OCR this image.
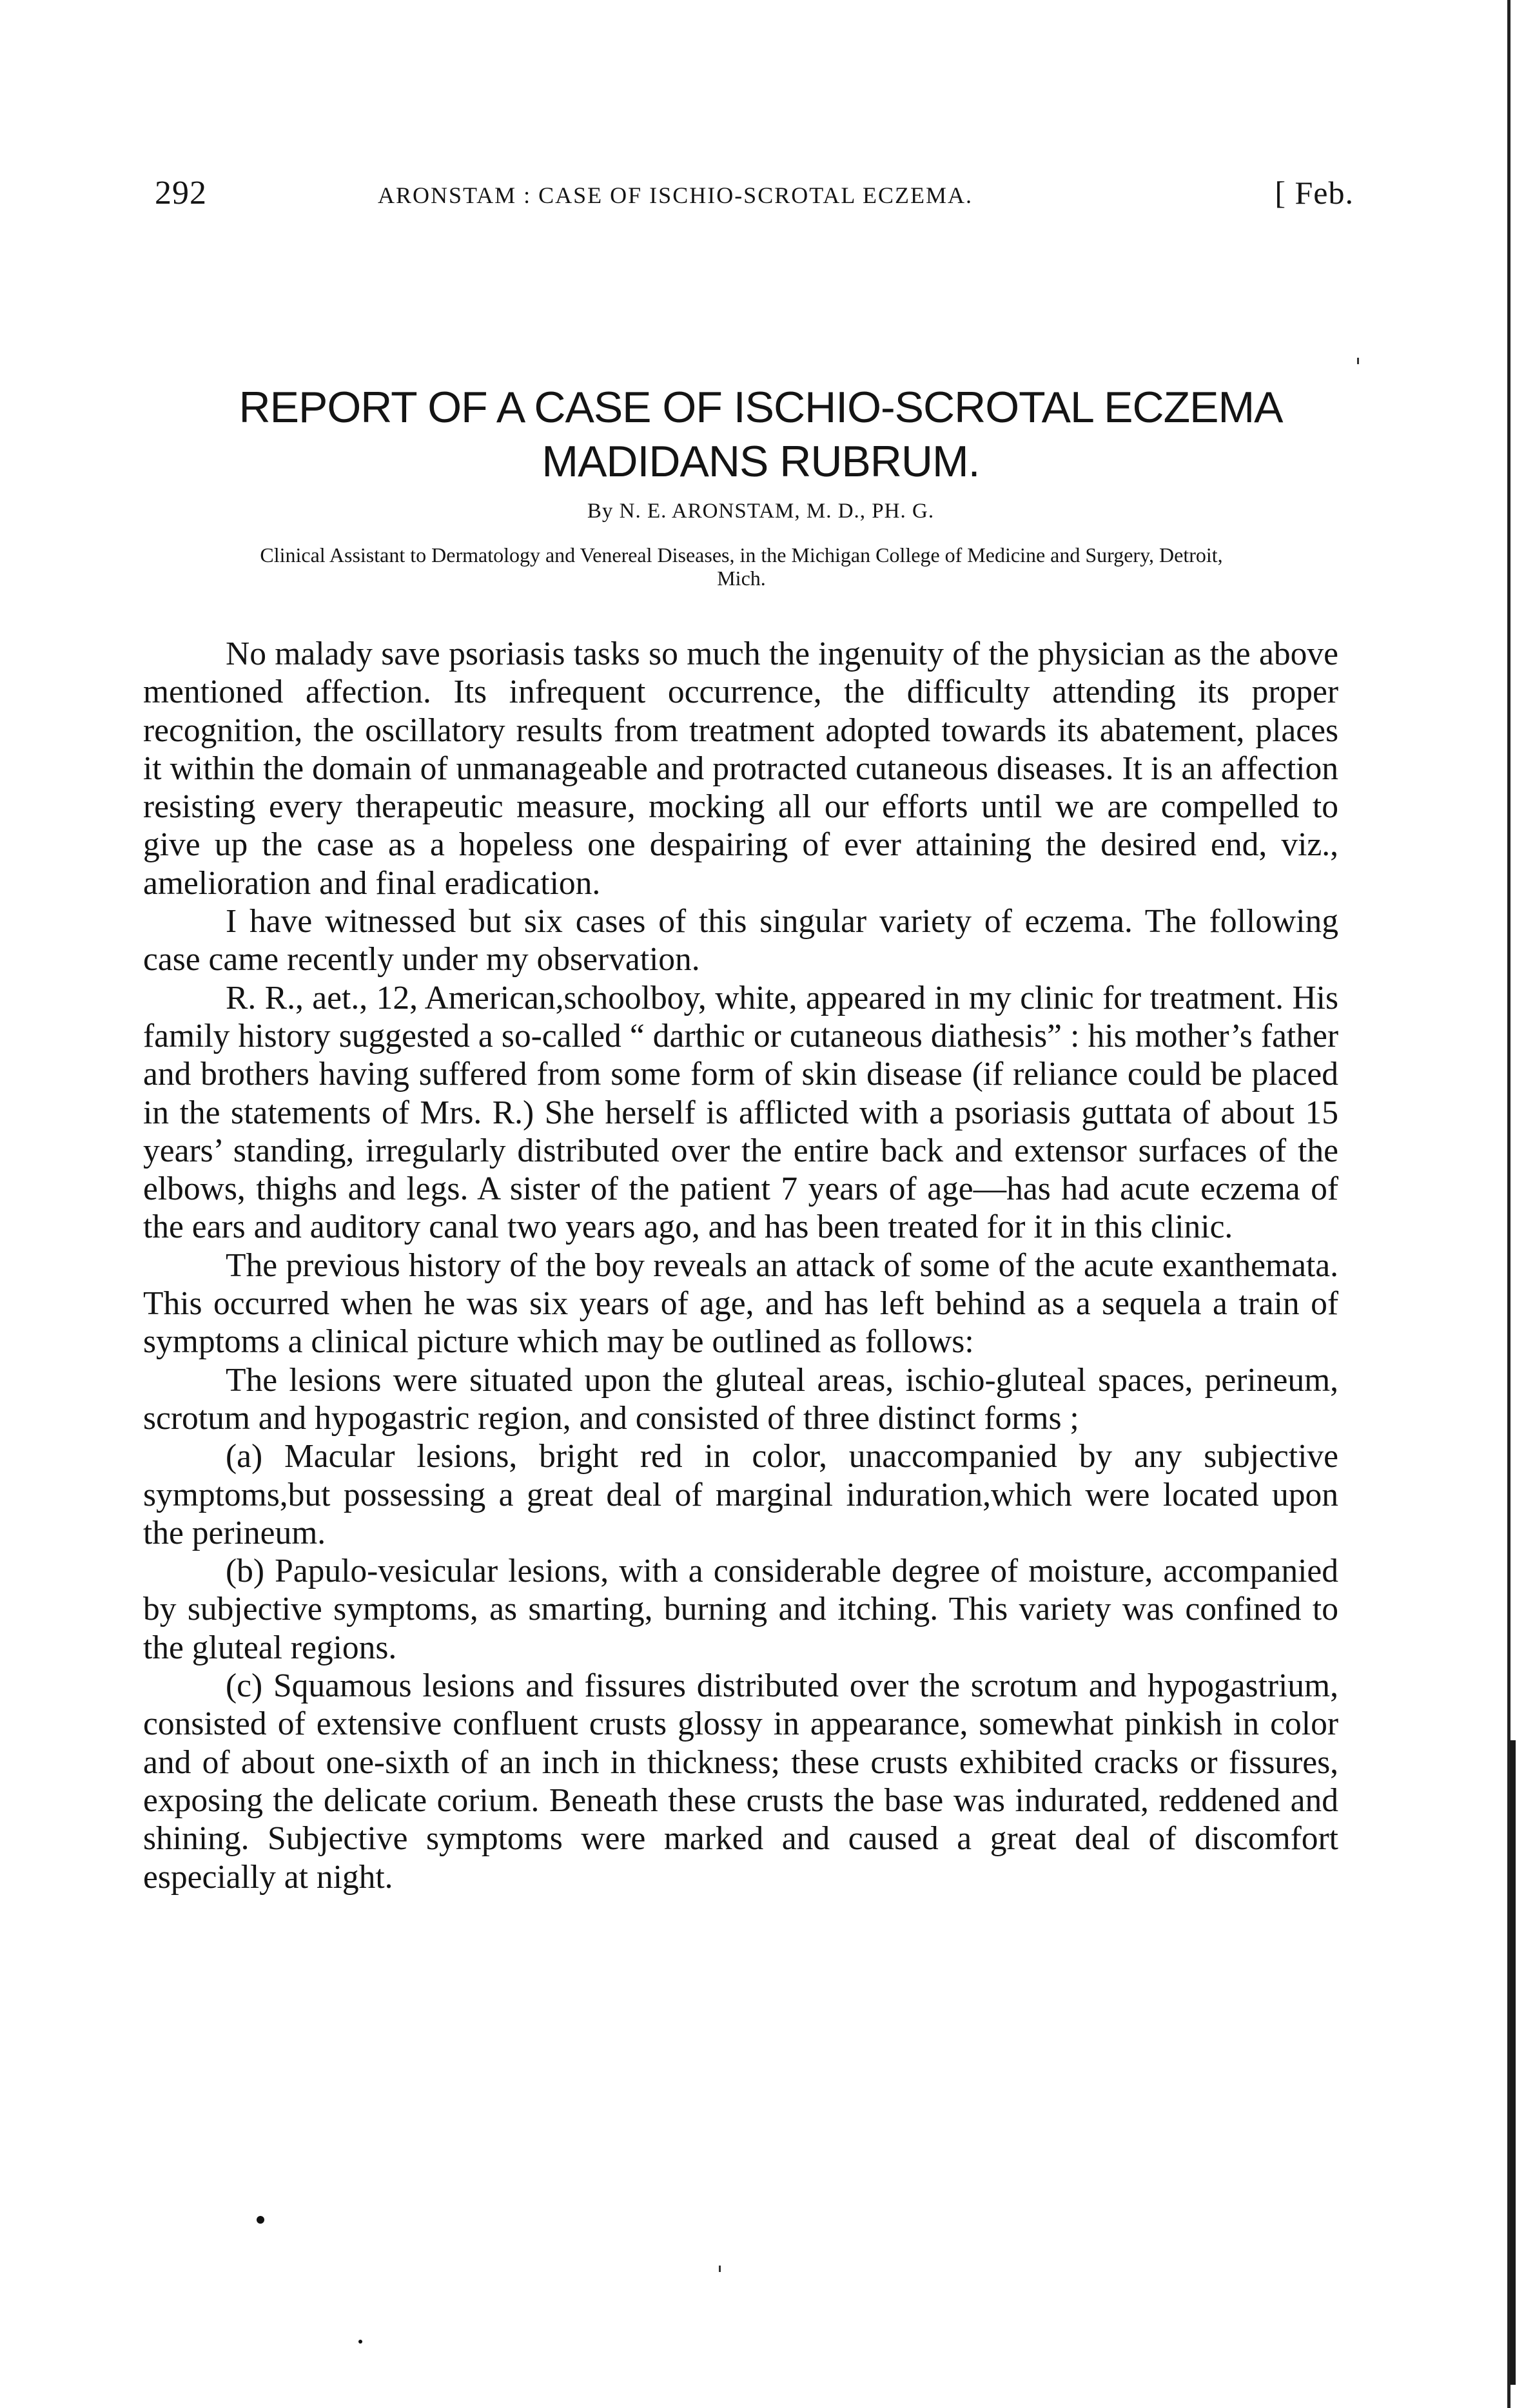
292	ARONSTAM : CASE OF ISCHIO-SCROTAL ECZEMA.	[ Feb.
REPORT OF A CASE OF ISCHIO-SCROTAL ECZEMA MADIDANS RUBRUM.
By N. E. ARONSTAM, M. D., PH. G.
Clinical Assistant to Dermatology and Venereal Diseases, in the Michigan College of Medicine and Surgery, Detroit, Mich.

No malady save psoriasis tasks so much the ingenuity of the physician as the above mentioned affection. Its infrequent occurrence, the difficulty attending its proper recognition, the oscillatory results from treatment adopted towards its abatement, places it within the domain of unmanageable and protracted cutaneous diseases. It is an affection resisting every therapeutic measure, mocking all our efforts until we are compelled to give up the case as a hopeless one despairing of ever attaining the desired end, viz., amelioration and final eradication.

I have witnessed but six cases of this singular variety of eczema. The following case came recently under my observation.

R. R., aet., 12, American,schoolboy, white, appeared in my clinic for treatment. His family history suggested a so-called “ darthic or cutaneous diathesis” : his mother’s father and brothers having suffered from some form of skin disease (if reliance could be placed in the statements of Mrs. R.) She herself is afflicted with a psoriasis guttata of about 15 years’ standing, irregularly distributed over the entire back and extensor surfaces of the elbows, thighs and legs. A sister of the patient 7 years of age—has had acute eczema of the ears and auditory canal two years ago, and has been treated for it in this clinic.

The previous history of the boy reveals an attack of some of the acute exanthemata. This occurred when he was six years of age, and has left behind as a sequela a train of symptoms a clinical picture which may be outlined as follows:

The lesions were situated upon the gluteal areas, ischio-gluteal spaces, perineum, scrotum and hypogastric region, and consisted of three distinct forms ;

(a) Macular lesions, bright red in color, unaccompanied by any subjective symptoms,but possessing a great deal of marginal induration,which were located upon the perineum.

(b) Papulo-vesicular lesions, with a considerable degree of moisture, accompanied by subjective symptoms, as smarting, burning and itching. This variety was confined to the gluteal regions.

(c) Squamous lesions and fissures distributed over the scrotum and hypogastrium, consisted of extensive confluent crusts glossy in appearance, somewhat pinkish in color and of about one-sixth of an inch in thickness; these crusts exhibited cracks or fissures, exposing the delicate corium. Beneath these crusts the base was indurated, reddened and shining. Subjective symptoms were marked and caused a great deal of discomfort especially at night.
